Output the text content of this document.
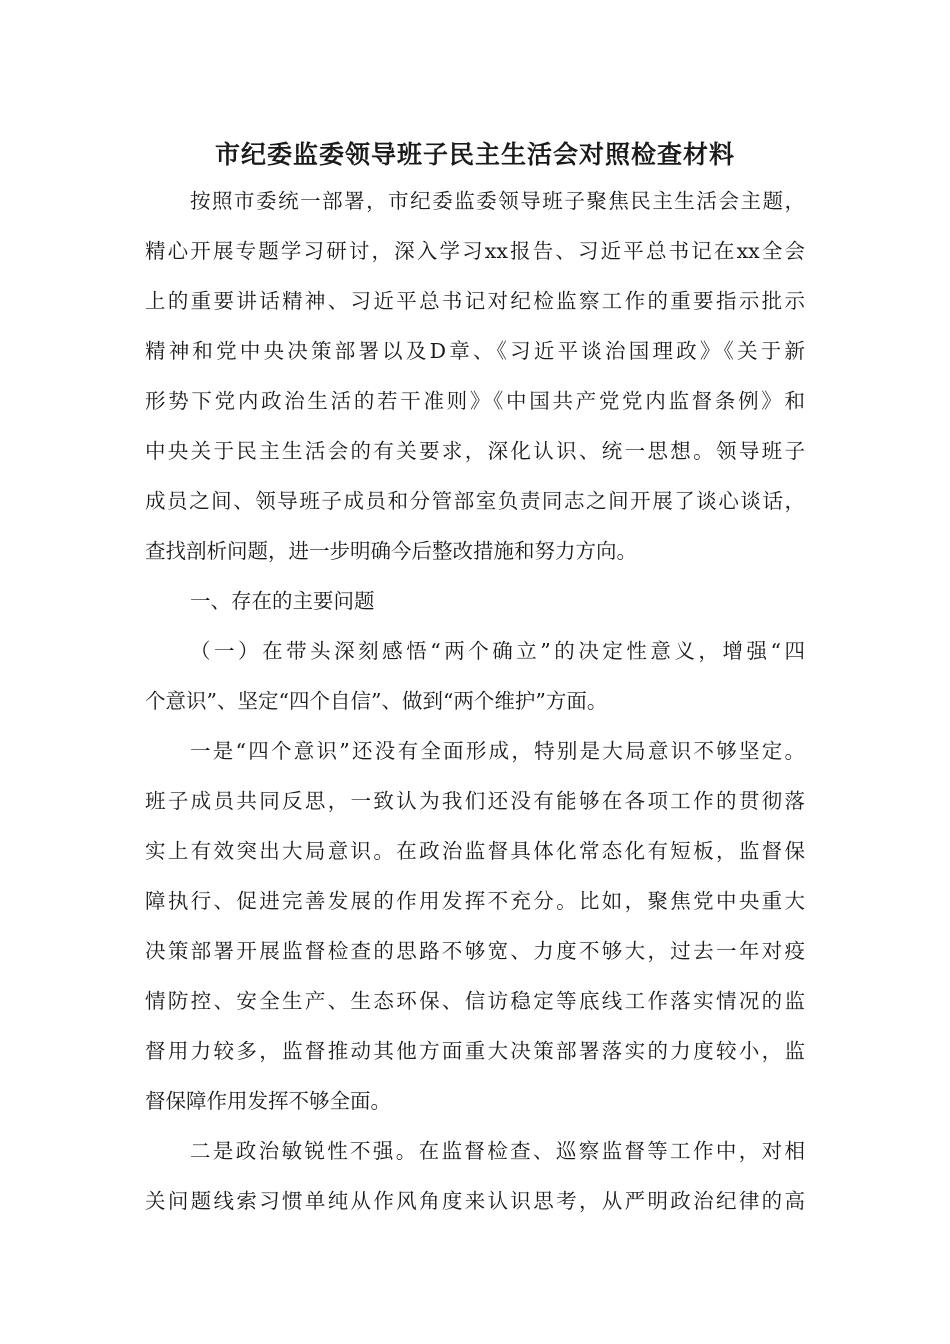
市纪委监委领导班子民主生活会对照检查材料
按照市委统一部署，市纪委监委领导班子聚焦民主生活会主题，
精心开展专题学习研讨，深入学习xx报告、习近平总书记在xx全会
上的重要讲话精神、习近平总书记对纪检监察工作的重要指示批示
精神和党中央决策部署以及D章、《习近平谈治国理政》《关于新
形势下党内政治生活的若干准则》《中国共产党党内监督条例》和
中央关于民主生活会的有关要求，深化认识、统一思想。领导班子
成员之间、领导班子成员和分管部室负责同志之间开展了谈心谈话，
查找剖析问题，进一步明确今后整改措施和努力方向。
一、存在的主要问题
（一）在带头深刻感悟“两个确立”的决定性意义，增强“四
个意识”、坚定“四个自信”、做到“两个维护”方面。
一是“四个意识”还没有全面形成，特别是大局意识不够坚定。
班子成员共同反思，一致认为我们还没有能够在各项工作的贯彻落
实上有效突出大局意识。在政治监督具体化常态化有短板，监督保
障执行、促进完善发展的作用发挥不充分。比如，聚焦党中央重大
决策部署开展监督检查的思路不够宽、力度不够大，过去一年对疫
情防控、安全生产、生态环保、信访稳定等底线工作落实情况的监
督用力较多，监督推动其他方面重大决策部署落实的力度较小，监
督保障作用发挥不够全面。
二是政治敏锐性不强。在监督检查、巡察监督等工作中，对相
关问题线索习惯单纯从作风角度来认识思考，从严明政治纪律的高
